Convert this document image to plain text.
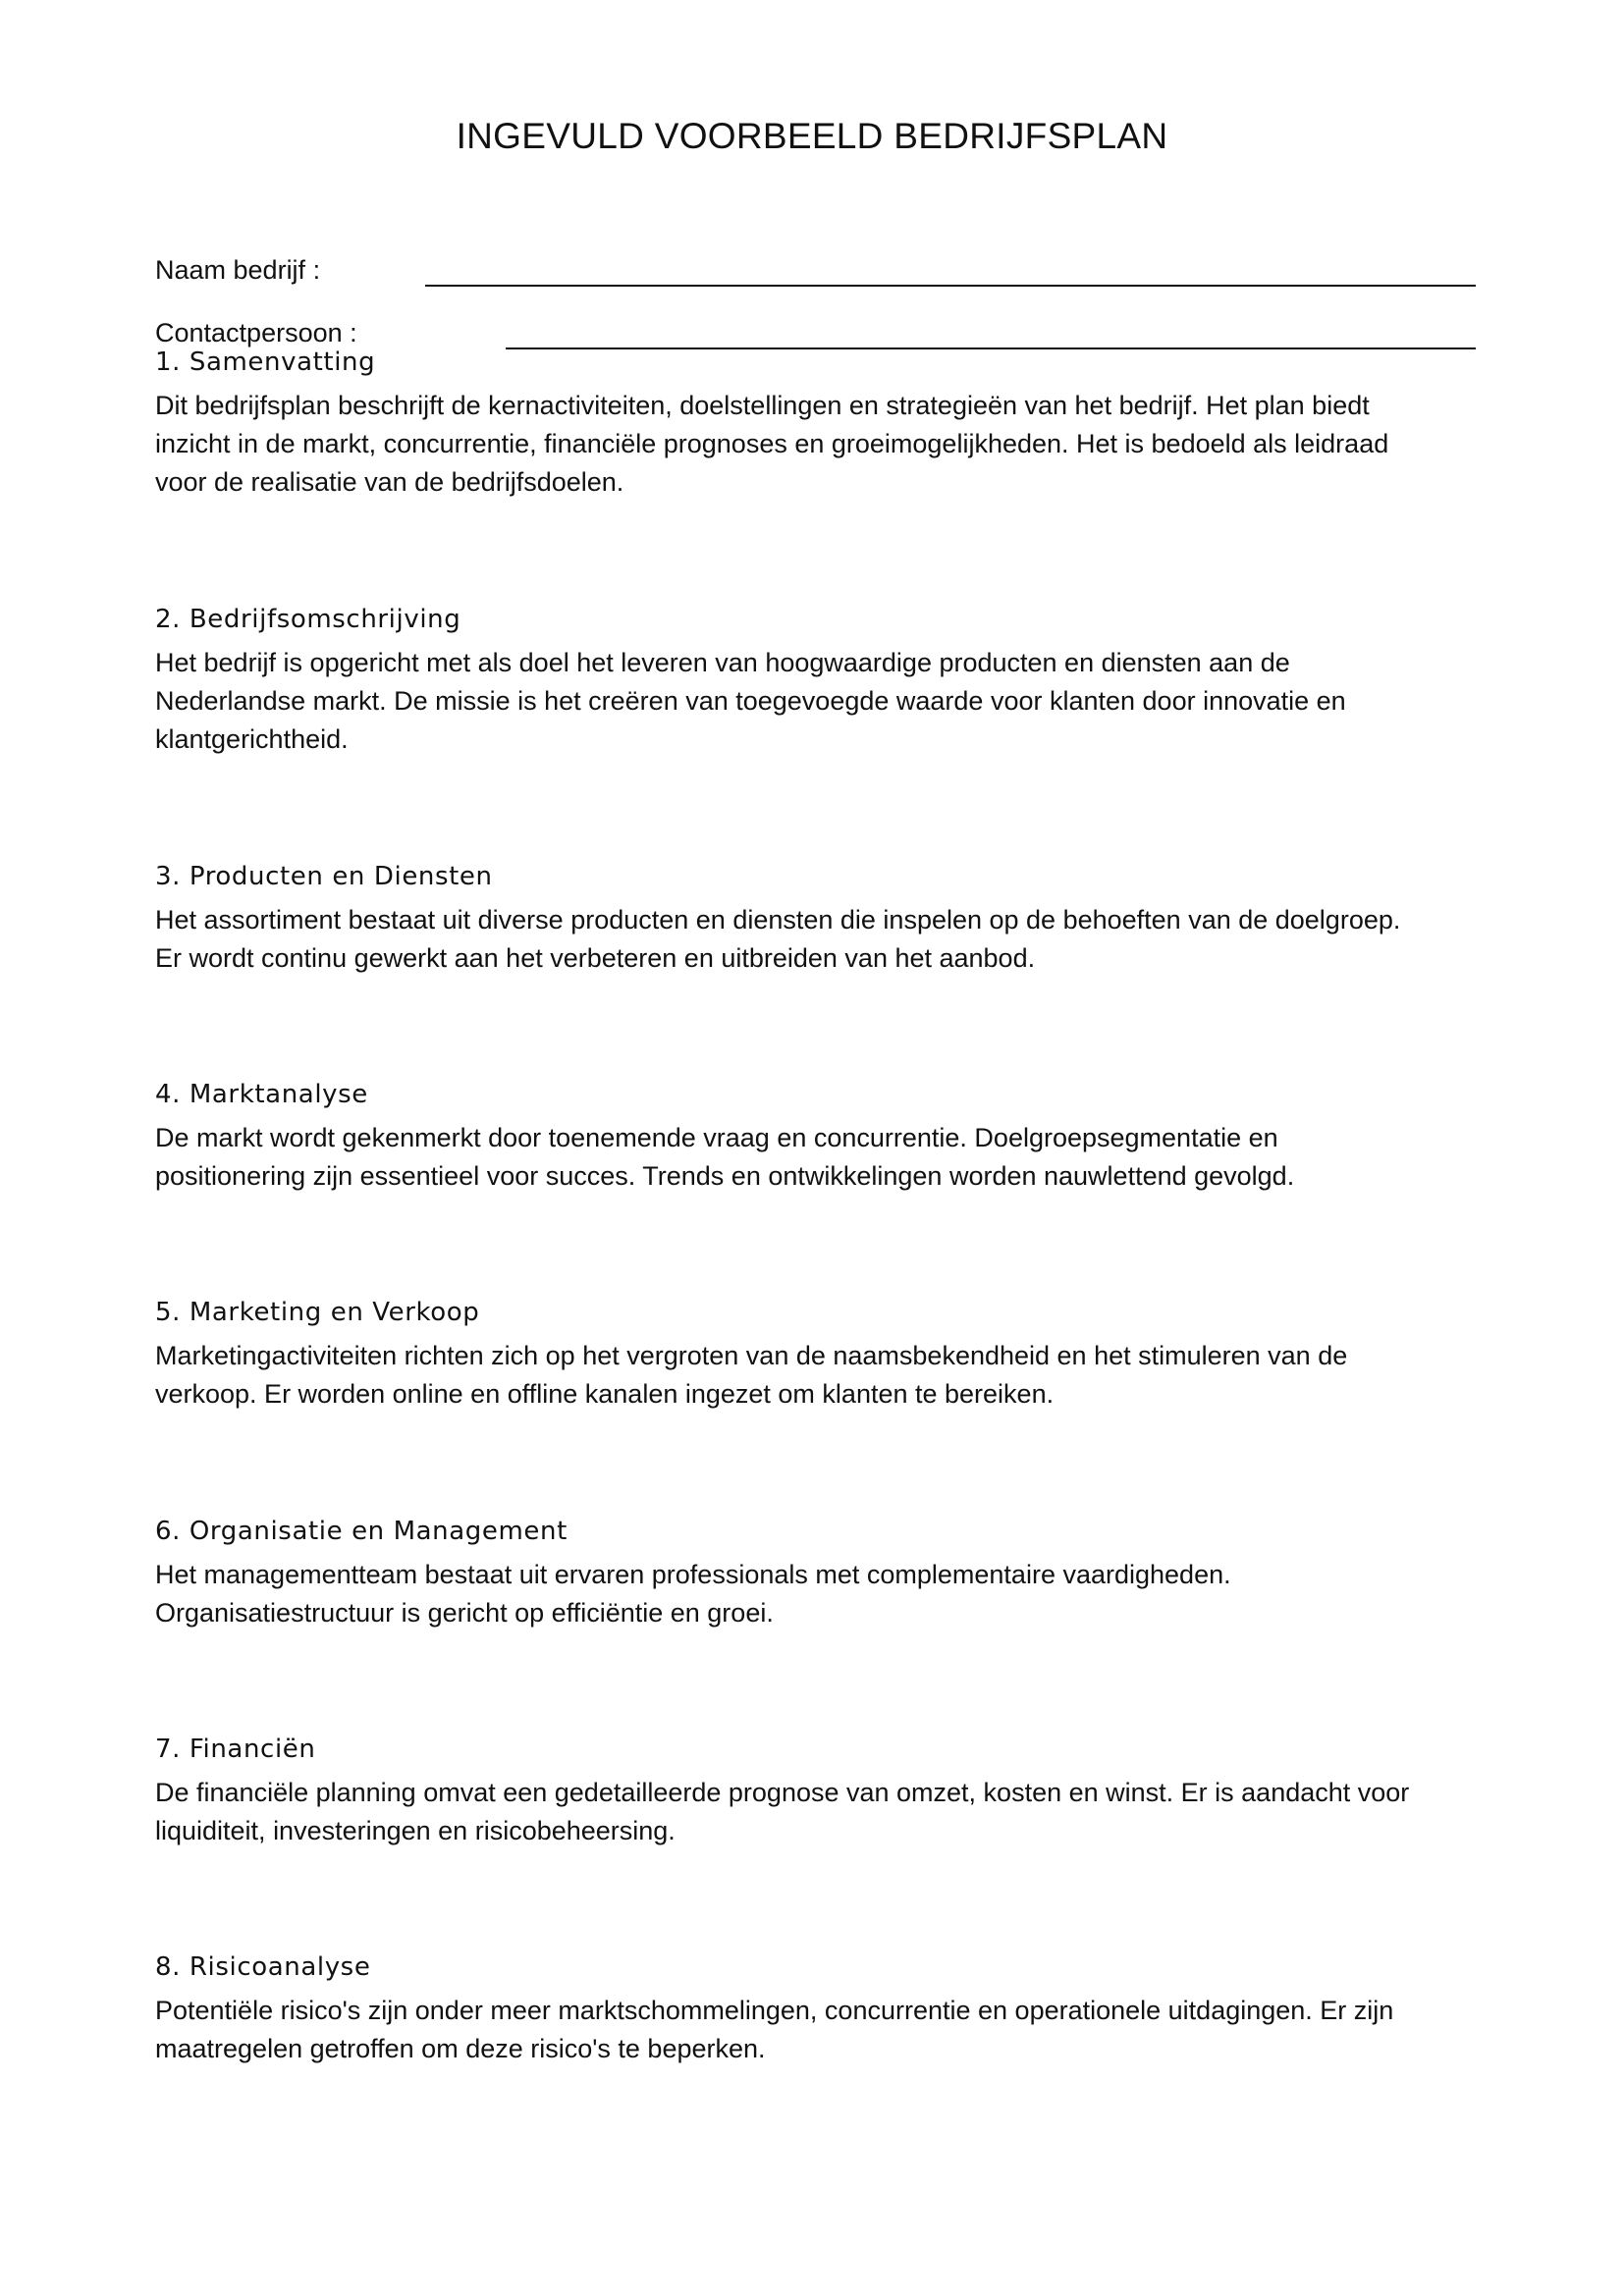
INGEVULD VOORBEELD BEDRIJFSPLAN
Naam bedrijf :
Contactpersoon :
1. Samenvatting

Dit bedrijfsplan beschrijft de kernactiviteiten, doelstellingen en strategieën van het bedrijf. Het plan biedt
inzicht in de markt, concurrentie, financiële prognoses en groeimogelijkheden. Het is bedoeld als leidraad
voor de realisatie van de bedrijfsdoelen.

2. Bedrijfsomschrijving

Het bedrijf is opgericht met als doel het leveren van hoogwaardige producten en diensten aan de
Nederlandse markt. De missie is het creëren van toegevoegde waarde voor klanten door innovatie en
klantgerichtheid.

3. Producten en Diensten

Het assortiment bestaat uit diverse producten en diensten die inspelen op de behoeften van de doelgroep.
Er wordt continu gewerkt aan het verbeteren en uitbreiden van het aanbod.

4. Marktanalyse

De markt wordt gekenmerkt door toenemende vraag en concurrentie. Doelgroepsegmentatie en
positionering zijn essentieel voor succes. Trends en ontwikkelingen worden nauwlettend gevolgd.

5. Marketing en Verkoop

Marketingactiviteiten richten zich op het vergroten van de naamsbekendheid en het stimuleren van de
verkoop. Er worden online en offline kanalen ingezet om klanten te bereiken.

6. Organisatie en Management

Het managementteam bestaat uit ervaren professionals met complementaire vaardigheden.
Organisatiestructuur is gericht op efficiëntie en groei.

7. Financiën

De financiële planning omvat een gedetailleerde prognose van omzet, kosten en winst. Er is aandacht voor
liquiditeit, investeringen en risicobeheersing.

8. Risicoanalyse

Potentiële risico's zijn onder meer marktschommelingen, concurrentie en operationele uitdagingen. Er zijn
maatregelen getroffen om deze risico's te beperken.
